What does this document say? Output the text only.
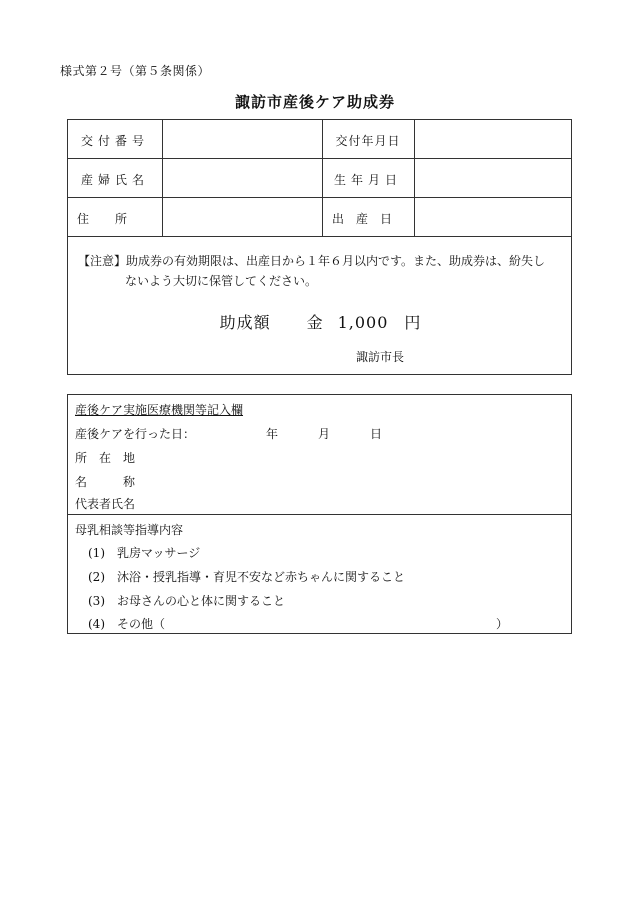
様式第２号（第５条関係）
諏訪市産後ケア助成券
交付番号	交付年月日
産婦氏名	生年月日
住所	出産日
【注意】助成券の有効期限は、出産日から１年６月以内です。また、助成券は、紛失し
ないよう大切に保管してください。
助成額 金 1,000 円
諏訪市長
産後ケア実施医療機関等記入欄
産後ケアを行った日：	年	月	日
所　在　地
名　　　称
代表者氏名
母乳相談等指導内容
(1)　乳房マッサージ
(2)　沐浴・授乳指導・育児不安など赤ちゃんに関すること
(3)　お母さんの心と体に関すること
(4)　その他（	）
